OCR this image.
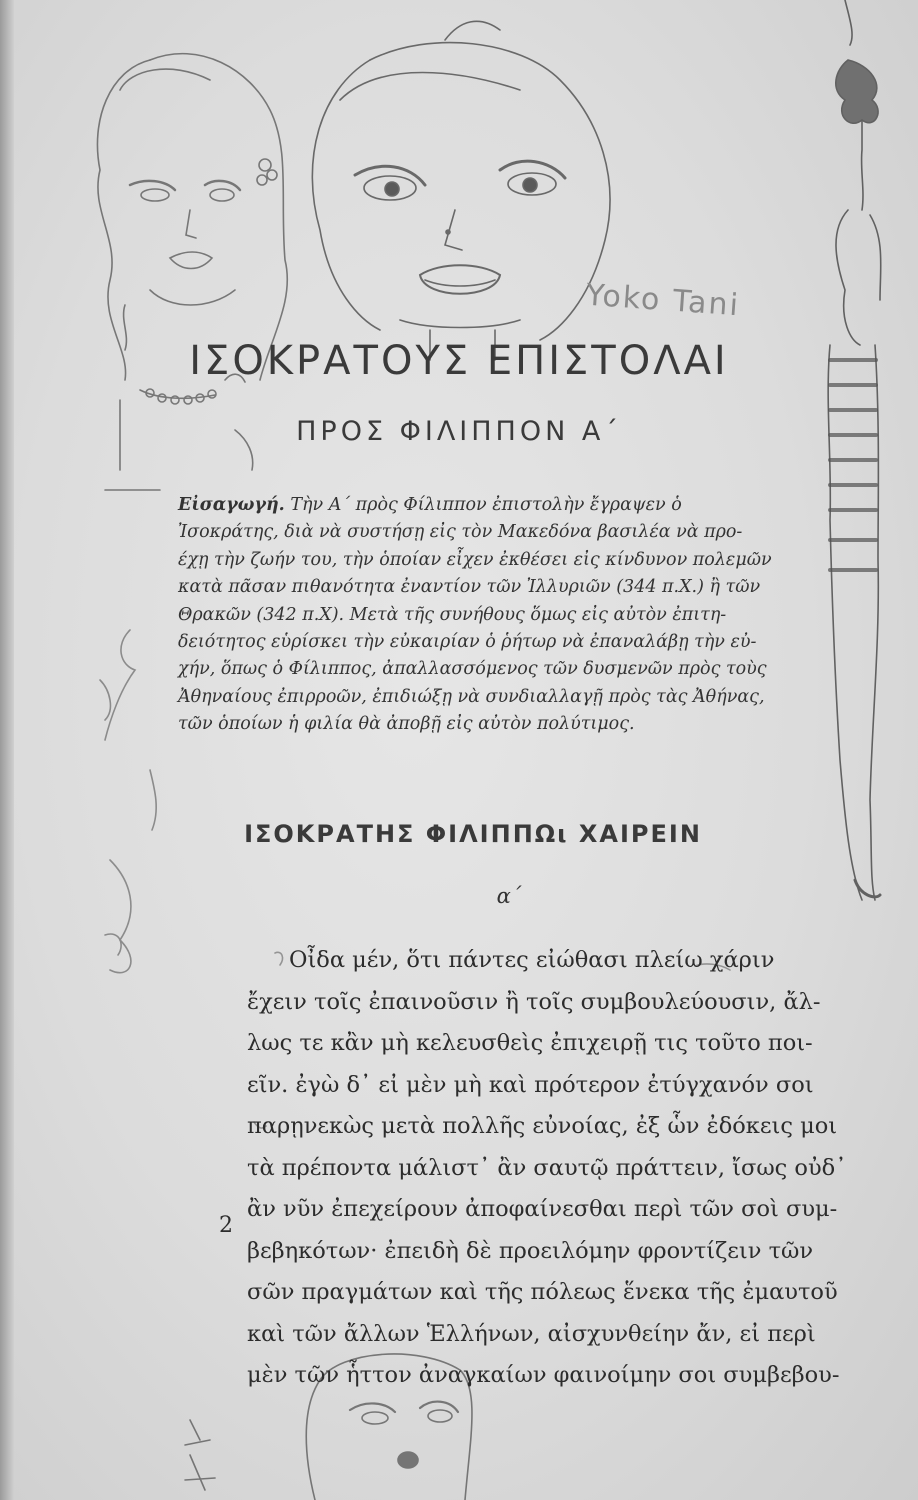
Yoko Tani
ΙΣΟΚΡΑΤΟΥΣ ΕΠΙΣΤΟΛΑΙ
ΠΡΟΣ ΦΙΛΙΠΠΟΝ Α΄
Εἰσαγωγή. Τὴν Α΄ πρὸς Φίλιππον ἐπιστολὴν ἔγραψεν ὁ
Ἰσοκράτης, διὰ νὰ συστήσῃ εἰς τὸν Μακεδόνα βασιλέα νὰ προ-
έχῃ τὴν ζωήν του, τὴν ὁποίαν εἶχεν ἐκθέσει εἰς κίνδυνον πολεμῶν
κατὰ πᾶσαν πιθανότητα ἐναντίον τῶν Ἰλλυριῶν (344 π.Χ.) ἢ τῶν
Θρακῶν (342 π.Χ). Μετὰ τῆς συνήθους ὅμως εἰς αὐτὸν ἐπιτη-
δειότητος εὑρίσκει τὴν εὐκαιρίαν ὁ ῥήτωρ νὰ ἐπαναλάβῃ τὴν εὐ-
χήν, ὅπως ὁ Φίλιππος, ἀπαλλασσόμενος τῶν δυσμενῶν πρὸς τοὺς
Ἀθηναίους ἐπιρροῶν, ἐπιδιώξῃ νὰ συνδιαλλαγῇ πρὸς τὰς Ἀθήνας,
τῶν ὁποίων ἡ φιλία θὰ ἀποβῇ εἰς αὐτὸν πολύτιμος.
ΙΣΟΚΡΑΤΗΣ ΦΙΛΙΠΠΩι ΧΑΙΡΕΙΝ
α΄
2
Οἶδα μέν, ὅτι πάντες εἰώθασι πλείω χάριν
ἔχειν τοῖς ἐπαινοῦσιν ἢ τοῖς συμβουλεύουσιν, ἄλ-
λως τε κἂν μὴ κελευσθεὶς ἐπιχειρῇ τις τοῦτο ποι-
εῖν. ἐγὼ δ᾽ εἰ μὲν μὴ καὶ πρότερον ἐτύγχανόν σοι
παρῃνεκὼς μετὰ πολλῆς εὐνοίας, ἐξ ὧν ἐδόκεις μοι
τὰ πρέποντα μάλιστ᾽ ἂν σαυτῷ πράττειν, ἴσως οὐδ᾽
ἂν νῦν ἐπεχείρουν ἀποφαίνεσθαι περὶ τῶν σοὶ συμ-
βεβηκότων· ἐπειδὴ δὲ προειλόμην φροντίζειν τῶν
σῶν πραγμάτων καὶ τῆς πόλεως ἕνεκα τῆς ἐμαυτοῦ
καὶ τῶν ἄλλων Ἑλλήνων, αἰσχυνθείην ἄν, εἰ περὶ
μὲν τῶν ἧττον ἀναγκαίων φαινοίμην σοι συμβεβου-
